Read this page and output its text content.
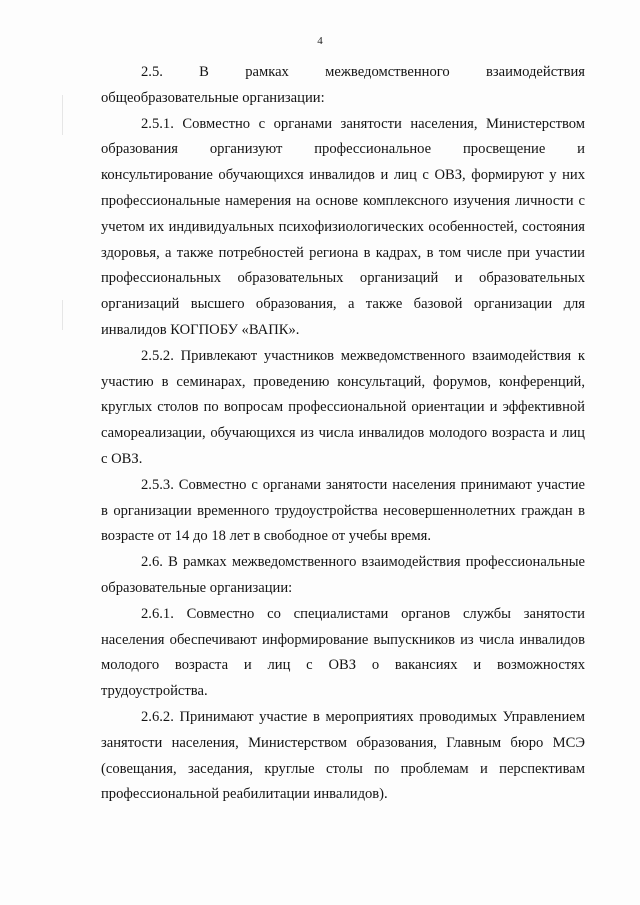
4

2.5. В рамках межведомственного взаимодействия общеобразовательные организации:

2.5.1. Совместно с органами занятости населения, Министерством образования организуют профессиональное просвещение и консультирование обучающихся инвалидов и лиц с ОВЗ, формируют у них профессиональные намерения на основе комплексного изучения личности с учетом их индивидуальных психофизиологических особенностей, состояния здоровья, а также потребностей региона в кадрах, в том числе при участии профессиональных образовательных организаций и образовательных организаций высшего образования, а также базовой организации для инвалидов КОГПОБУ «ВАПК».

2.5.2. Привлекают участников межведомственного взаимодействия к участию в семинарах, проведению консультаций, форумов, конференций, круглых столов по вопросам профессиональной ориентации и эффективной самореализации, обучающихся из числа инвалидов молодого возраста и лиц с ОВЗ.

2.5.3. Совместно с органами занятости населения принимают участие в организации временного трудоустройства несовершеннолетних граждан в возрасте от 14 до 18 лет в свободное от учебы время.

2.6. В рамках межведомственного взаимодействия профессиональные образовательные организации:

2.6.1. Совместно со специалистами органов службы занятости населения обеспечивают информирование выпускников из числа инвалидов молодого возраста и лиц с ОВЗ о вакансиях и возможностях трудоустройства.

2.6.2. Принимают участие в мероприятиях проводимых Управлением занятости населения, Министерством образования, Главным бюро МСЭ (совещания, заседания, круглые столы по проблемам и перспективам профессиональной реабилитации инвалидов).
